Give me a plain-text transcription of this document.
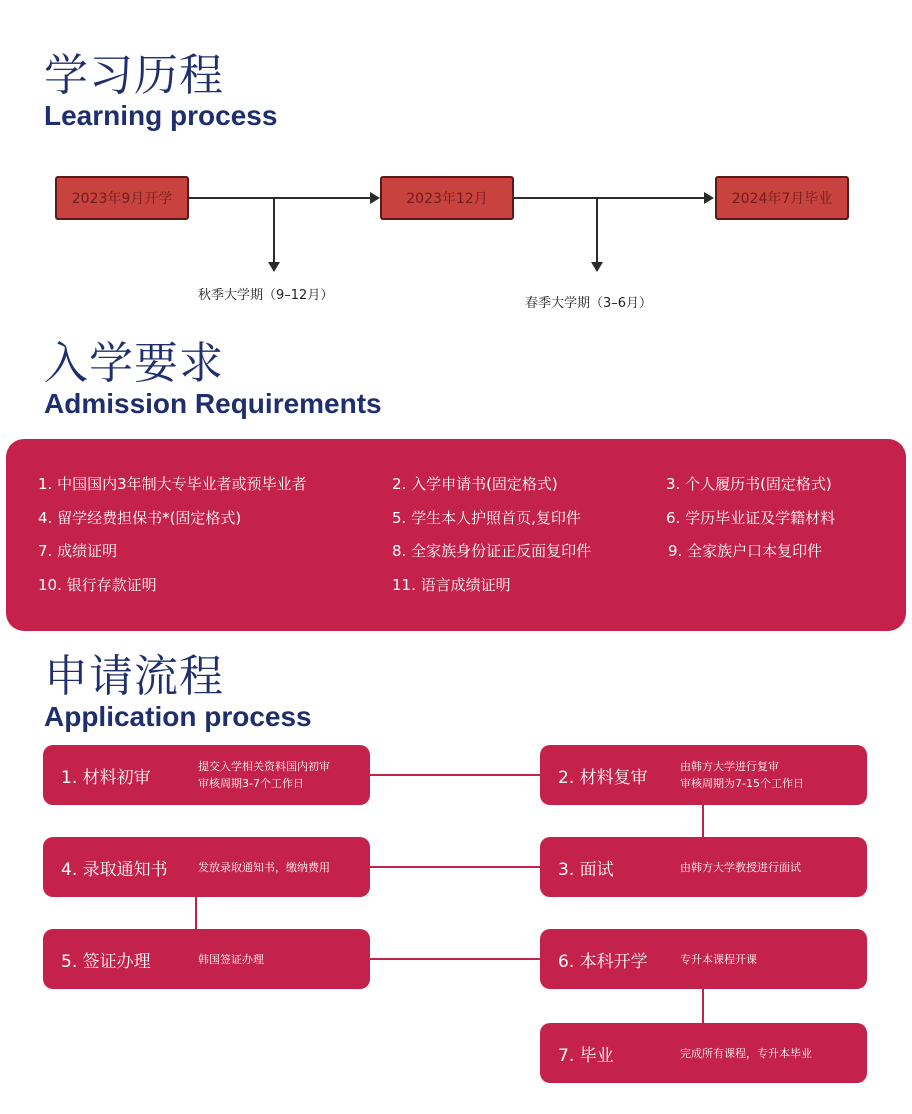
学习历程
Learning process
2023年9月开学	2023年12月	2024年7月毕业
秋季大学期（9–12月）
春季大学期（3–6月）
入学要求
Admission Requirements
1. 中国国内3年制大专毕业者或预毕业者	2. 入学申请书(固定格式)	3. 个人履历书(固定格式)
4. 留学经费担保书*(固定格式)	5. 学生本人护照首页,复印件	6. 学历毕业证及学籍材料
7. 成绩证明	8. 全家族身份证正反面复印件	9. 全家族户口本复印件
10. 银行存款证明	11. 语言成绩证明
申请流程
Application process
1. 材料初审
提交入学相关资料国内初审
审核周期3-7个工作日	2. 材料复审
由韩方大学进行复审
审核周期为7-15个工作日
4. 录取通知书	发放录取通知书，缴纳费用	3. 面试	由韩方大学教授进行面试
5. 签证办理	韩国签证办理	6. 本科开学	专升本课程开课
7. 毕业	完成所有课程，专升本毕业
